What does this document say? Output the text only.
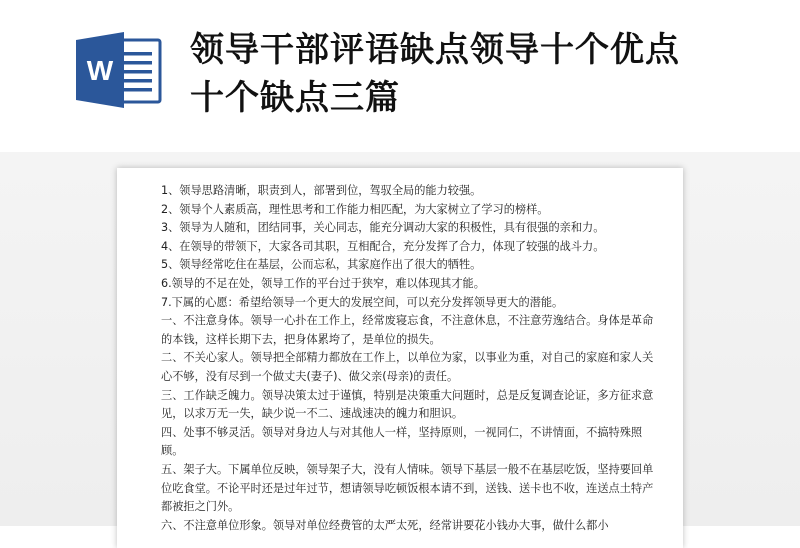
W
领导干部评语缺点领导十个优点
十个缺点三篇

1、领导思路清晰，职责到人，部署到位，驾驭全局的能力较强。

2、领导个人素质高，理性思考和工作能力相匹配，为大家树立了学习的榜样。

3、领导为人随和，团结同事，关心同志，能充分调动大家的积极性，具有很强的亲和力。

4、在领导的带领下，大家各司其职，互相配合，充分发挥了合力，体现了较强的战斗力。

5、领导经常吃住在基层，公而忘私，其家庭作出了很大的牺牲。

6.领导的不足在处，领导工作的平台过于狭窄，难以体现其才能。

7.下属的心愿：希望给领导一个更大的发展空间，可以充分发挥领导更大的潜能。

一、不注意身体。领导一心扑在工作上，经常废寝忘食，不注意休息，不注意劳逸结合。身体是革命的本钱，这样长期下去，把身体累垮了，是单位的损失。

二、不关心家人。领导把全部精力都放在工作上，以单位为家，以事业为重，对自己的家庭和家人关心不够，没有尽到一个做丈夫(妻子)、做父亲(母亲)的责任。

三、工作缺乏魄力。领导决策太过于谨慎，特别是决策重大问题时，总是反复调查论证，多方征求意见，以求万无一失，缺少说一不二、速战速决的魄力和胆识。

四、处事不够灵活。领导对身边人与对其他人一样，坚持原则，一视同仁，不讲情面，不搞特殊照顾。

五、架子大。下属单位反映，领导架子大，没有人情味。领导下基层一般不在基层吃饭，坚持要回单位吃食堂。不论平时还是过年过节，想请领导吃顿饭根本请不到，送钱、送卡也不收，连送点土特产都被拒之门外。

六、不注意单位形象。领导对单位经费管的太严太死，经常讲要花小钱办大事，做什么都小
